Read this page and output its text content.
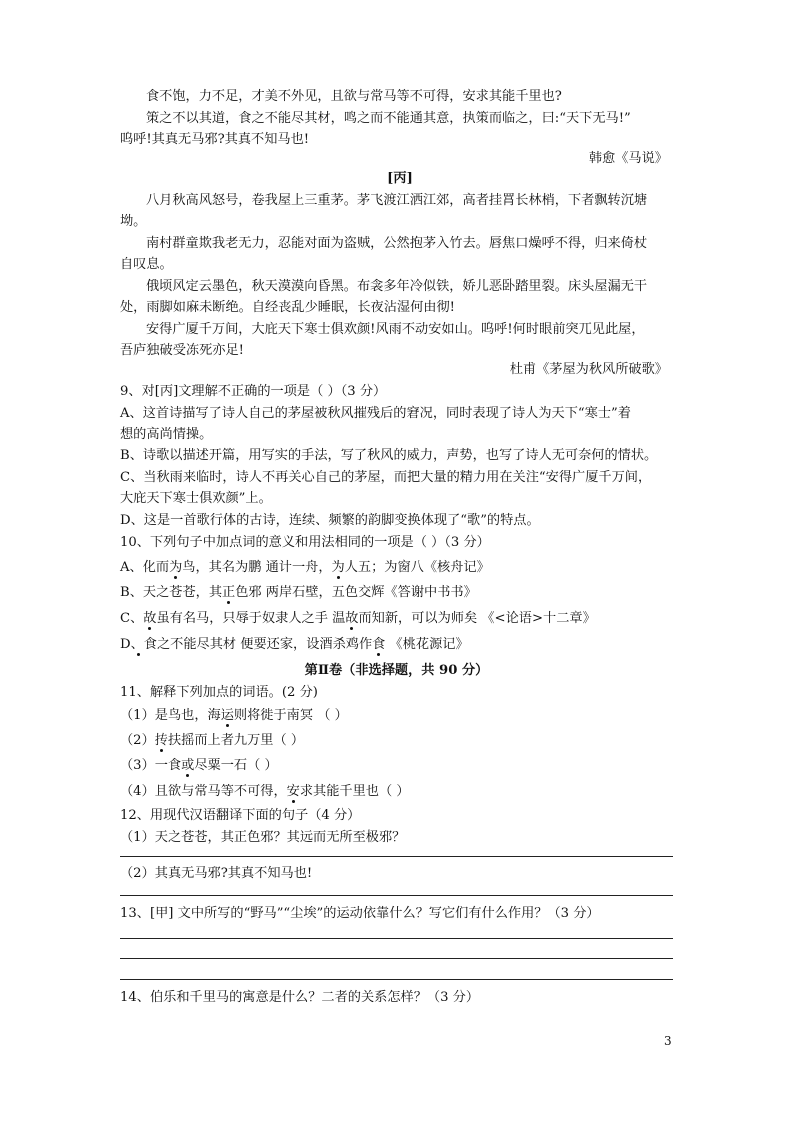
食不饱，力不足，才美不外见，且欲与常马等不可得，安求其能千里也?
策之不以其道，食之不能尽其材，鸣之而不能通其意，执策而临之，曰:“天下无马!”
呜呼!其真无马邪?其真不知马也!
韩愈《马说》
[丙]
八月秋高风怒号，卷我屋上三重茅。茅飞渡江洒江郊，高者挂罥长林梢，下者飘转沉塘
坳。
南村群童欺我老无力，忍能对面为盗贼，公然抱茅入竹去。唇焦口燥呼不得，归来倚杖
自叹息。
俄顷风定云墨色，秋天漠漠向昏黑。布衾多年冷似铁，娇儿恶卧踏里裂。床头屋漏无干
处，雨脚如麻未断绝。自经丧乱少睡眠，长夜沾湿何由彻!
安得广厦千万间，大庇天下寒士俱欢颜!风雨不动安如山。呜呼!何时眼前突兀见此屋，
吾庐独破受冻死亦足!
杜甫《茅屋为秋风所破歌》
9、对[丙]文理解不正确的一项是（ ）（3 分）
A、这首诗描写了诗人自己的茅屋被秋风摧残后的窘况，同时表现了诗人为天下“寒士”着
想的高尚情操。
B、诗歌以描述开篇，用写实的手法，写了秋风的威力，声势，也写了诗人无可奈何的情状。
C、当秋雨来临时，诗人不再关心自己的茅屋，而把大量的精力用在关注“安得广厦千万间，
大庇天下寒士俱欢颜”上。
D、这是一首歌行体的古诗，连续、频繁的韵脚变换体现了“歌”的特点。
10、下列句子中加点词的意义和用法相同的一项是（ ）（3 分）
A、化而为鸟，其名为鹏 通计一舟，为人五；为窗八《核舟记》
B、天之苍苍，其正色邪 两岸石壁，五色交辉《答谢中书书》
C、故虽有名马，只辱于奴隶人之手 温故而知新，可以为师矣 《<论语>十二章》
D、食之不能尽其材 便要还家，设酒杀鸡作食 《桃花源记》
第Ⅱ卷（非选择题，共 90 分）
11、解释下列加点的词语。(2 分)
（1）是鸟也，海运则将徙于南冥 （ ）
（2）抟扶摇而上者九万里（ ）
（3）一食或尽粟一石（ ）
（4）且欲与常马等不可得，安求其能千里也（ ）
12、用现代汉语翻译下面的句子（4 分）
（1）天之苍苍，其正色邪？其远而无所至极邪？
（2）其真无马邪?其真不知马也!
13、[甲] 文中所写的“野马”“尘埃”的运动依靠什么？写它们有什么作用？（3 分）
14、伯乐和千里马的寓意是什么？二者的关系怎样？（3 分）
3
